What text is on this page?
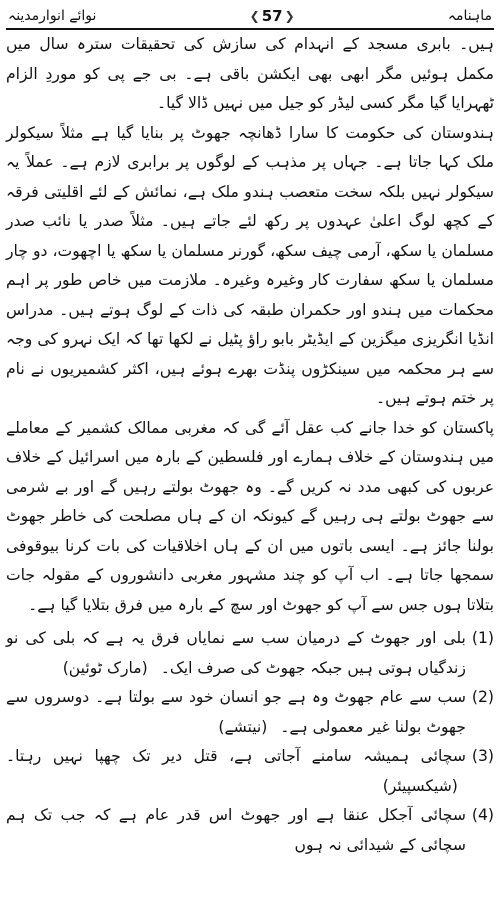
نوائے انوارمدینہ	❮ 57 ❯	ماہنامہ

ہیں۔ بابری مسجد کے انہدام کی سازش کی تحقیقات سترہ سال میں مکمل ہوئیں مگر ابھی بھی ایکشن باقی ہے۔ بی جے پی کو موردِ الزام ٹھہرایا گیا مگر کسی لیڈر کو جیل میں نہیں ڈالا گیا۔

ہندوستان کی حکومت کا سارا ڈھانچہ جھوٹ پر بنایا گیا ہے مثلاً سیکولر ملک کہا جاتا ہے۔ جہاں پر مذہب کے لوگوں پر برابری لازم ہے۔ عملاً یہ سیکولر نہیں بلکہ سخت متعصب ہندو ملک ہے، نمائش کے لئے اقلیتی فرقہ کے کچھ لوگ اعلیٰ عہدوں پر رکھ لئے جاتے ہیں۔ مثلاً صدر یا نائب صدر مسلمان یا سکھ، آرمی چیف سکھ، گورنر مسلمان یا سکھ یا اچھوت، دو چار مسلمان یا سکھ سفارت کار وغیرہ وغیرہ۔ ملازمت میں خاص طور پر اہم محکمات میں ہندو اور حکمران طبقہ کی ذات کے لوگ ہوتے ہیں۔ مدراس انڈیا انگریزی میگزین کے ایڈیٹر بابو راؤ پٹیل نے لکھا تھا کہ ایک نہرو کی وجہ سے ہر محکمہ میں سینکڑوں پنڈت بھرے ہوئے ہیں، اکثر کشمیریوں نے نام پر ختم ہوتے ہیں۔

پاکستان کو خدا جانے کب عقل آئے گی کہ مغربی ممالک کشمیر کے معاملے میں ہندوستان کے خلاف ہمارے اور فلسطین کے بارہ میں اسرائیل کے خلاف عربوں کی کبھی مدد نہ کریں گے۔ وہ جھوٹ بولتے رہیں گے اور بے شرمی سے جھوٹ بولتے ہی رہیں گے کیونکہ ان کے ہاں مصلحت کی خاطر جھوٹ بولنا جائز ہے۔ ایسی باتوں میں ان کے ہاں اخلاقیات کی بات کرنا بیوقوفی سمجھا جاتا ہے۔ اب آپ کو چند مشہور مغربی دانشوروں کے مقولہ جات بتلاتا ہوں جس سے آپ کو جھوٹ اور سچ کے بارہ میں فرق بتلایا گیا ہے۔

(1)
بلی اور جھوٹ کے درمیان سب سے نمایاں فرق یہ ہے کہ بلی کی نو زندگیاں ہوتی ہیں جبکہ جھوٹ کی صرف ایک۔ (مارک ٹوئین)
(2)
سب سے عام جھوٹ وہ ہے جو انسان خود سے بولتا ہے۔ دوسروں سے جھوٹ بولنا غیر معمولی ہے۔ (نیتشے)
(3)
سچائی ہمیشہ سامنے آجاتی ہے، قتل دیر تک چھپا نہیں رہتا۔ (شیکسپیئر)
(4)
سچائی آجکل عنقا ہے اور جھوٹ اس قدر عام ہے کہ جب تک ہم سچائی کے شیدائی نہ ہوں
